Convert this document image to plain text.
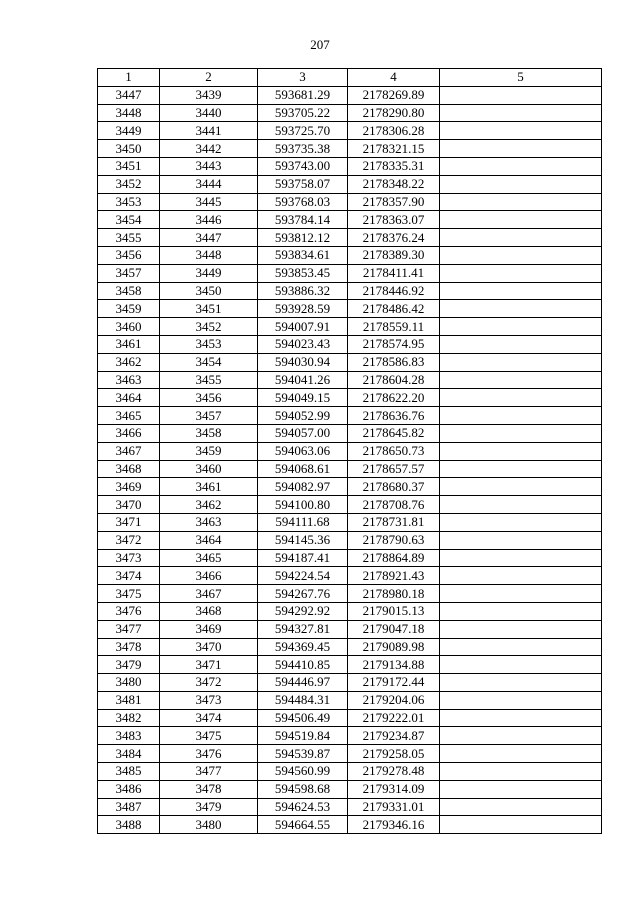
207
1	2	3	4	5
3447	3439	593681.29	2178269.89	
3448	3440	593705.22	2178290.80	
3449	3441	593725.70	2178306.28	
3450	3442	593735.38	2178321.15	
3451	3443	593743.00	2178335.31	
3452	3444	593758.07	2178348.22	
3453	3445	593768.03	2178357.90	
3454	3446	593784.14	2178363.07	
3455	3447	593812.12	2178376.24	
3456	3448	593834.61	2178389.30	
3457	3449	593853.45	2178411.41	
3458	3450	593886.32	2178446.92	
3459	3451	593928.59	2178486.42	
3460	3452	594007.91	2178559.11	
3461	3453	594023.43	2178574.95	
3462	3454	594030.94	2178586.83	
3463	3455	594041.26	2178604.28	
3464	3456	594049.15	2178622.20	
3465	3457	594052.99	2178636.76	
3466	3458	594057.00	2178645.82	
3467	3459	594063.06	2178650.73	
3468	3460	594068.61	2178657.57	
3469	3461	594082.97	2178680.37	
3470	3462	594100.80	2178708.76	
3471	3463	594111.68	2178731.81	
3472	3464	594145.36	2178790.63	
3473	3465	594187.41	2178864.89	
3474	3466	594224.54	2178921.43	
3475	3467	594267.76	2178980.18	
3476	3468	594292.92	2179015.13	
3477	3469	594327.81	2179047.18	
3478	3470	594369.45	2179089.98	
3479	3471	594410.85	2179134.88	
3480	3472	594446.97	2179172.44	
3481	3473	594484.31	2179204.06	
3482	3474	594506.49	2179222.01	
3483	3475	594519.84	2179234.87	
3484	3476	594539.87	2179258.05	
3485	3477	594560.99	2179278.48	
3486	3478	594598.68	2179314.09	
3487	3479	594624.53	2179331.01	
3488	3480	594664.55	2179346.16	
